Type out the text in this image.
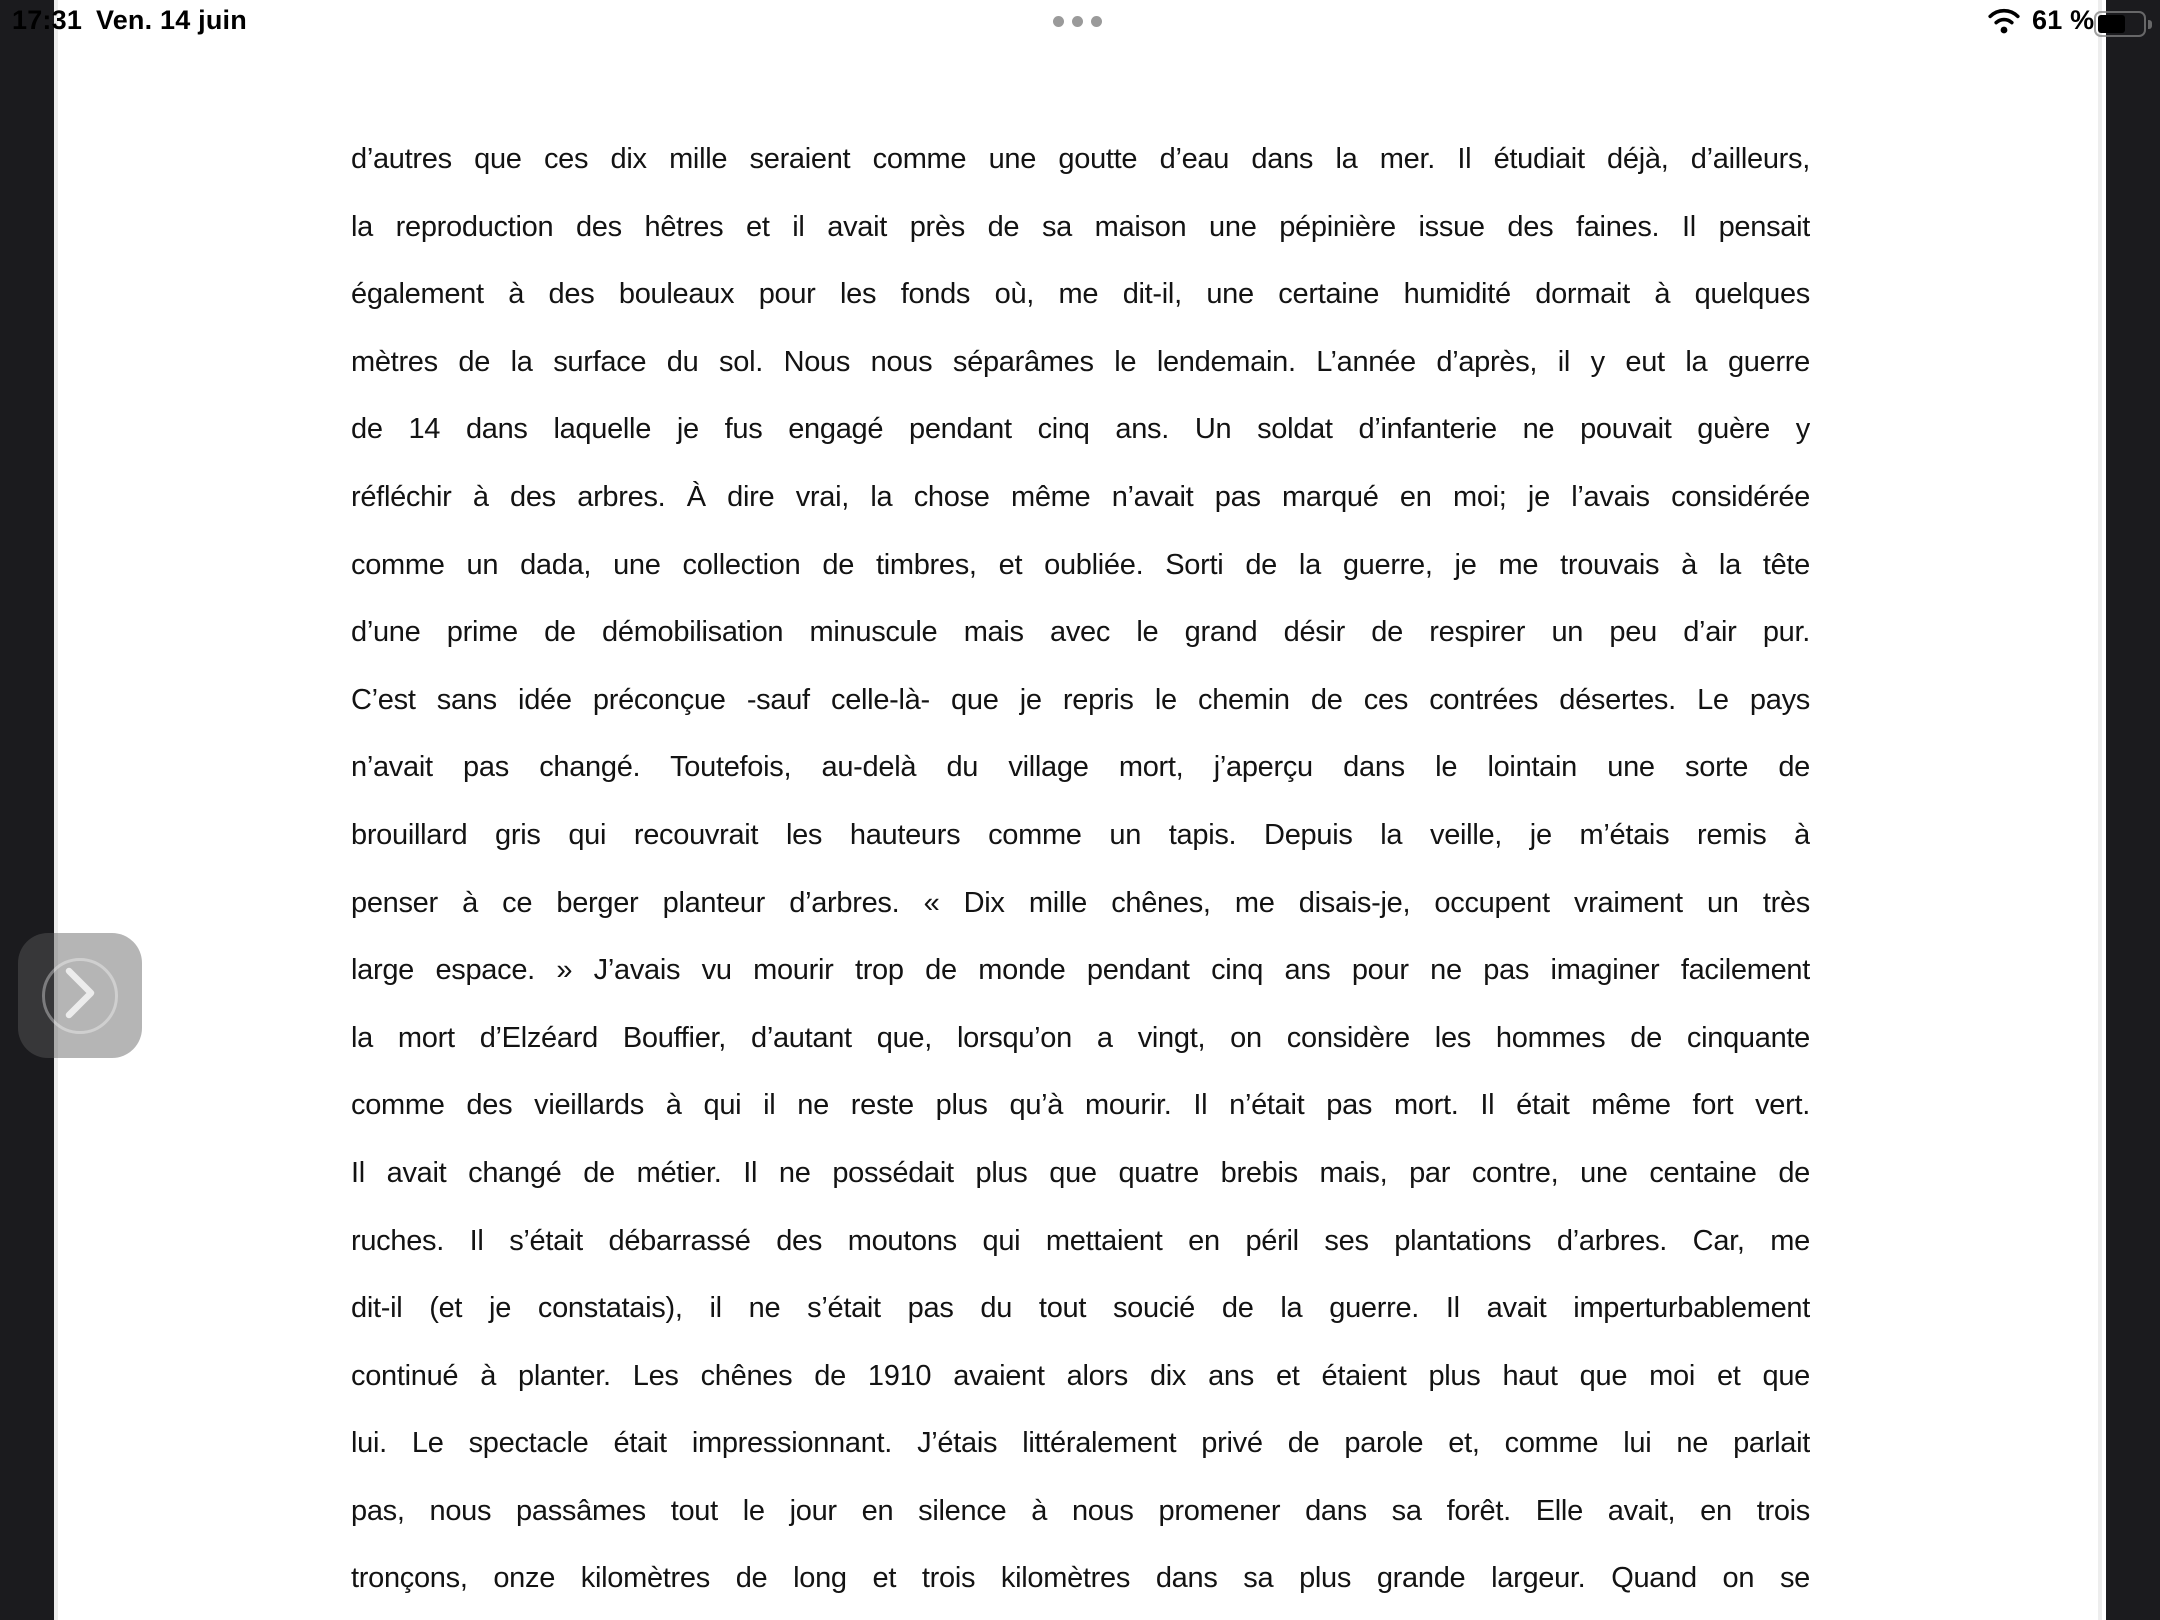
17:31 Ven. 14 juin	61 %
d’autres que ces dix mille seraient comme une goutte d’eau dans la mer. Il étudiait déjà, d’ailleurs,
la reproduction des hêtres et il avait près de sa maison une pépinière issue des faines. Il pensait
également à des bouleaux pour les fonds où, me dit-il, une certaine humidité dormait à quelques
mètres de la surface du sol. Nous nous séparâmes le lendemain. L’année d’après, il y eut la guerre
de 14 dans laquelle je fus engagé pendant cinq ans. Un soldat d’infanterie ne pouvait guère y
réfléchir à des arbres. À dire vrai, la chose même n’avait pas marqué en moi; je l’avais considérée
comme un dada, une collection de timbres, et oubliée. Sorti de la guerre, je me trouvais à la tête
d’une prime de démobilisation minuscule mais avec le grand désir de respirer un peu d’air pur.
C’est sans idée préconçue -sauf celle-là- que je repris le chemin de ces contrées désertes. Le pays
n’avait pas changé. Toutefois, au-delà du village mort, j’aperçu dans le lointain une sorte de
brouillard gris qui recouvrait les hauteurs comme un tapis. Depuis la veille, je m’étais remis à
penser à ce berger planteur d’arbres. « Dix mille chênes, me disais-je, occupent vraiment un très
large espace. » J’avais vu mourir trop de monde pendant cinq ans pour ne pas imaginer facilement
la mort d’Elzéard Bouffier, d’autant que, lorsqu’on a vingt, on considère les hommes de cinquante
comme des vieillards à qui il ne reste plus qu’à mourir. Il n’était pas mort. Il était même fort vert.
Il avait changé de métier. Il ne possédait plus que quatre brebis mais, par contre, une centaine de
ruches. Il s’était débarrassé des moutons qui mettaient en péril ses plantations d’arbres. Car, me
dit-il (et je constatais), il ne s’était pas du tout soucié de la guerre. Il avait imperturbablement
continué à planter. Les chênes de 1910 avaient alors dix ans et étaient plus haut que moi et que
lui. Le spectacle était impressionnant. J’étais littéralement privé de parole et, comme lui ne parlait
pas, nous passâmes tout le jour en silence à nous promener dans sa forêt. Elle avait, en trois
tronçons, onze kilomètres de long et trois kilomètres dans sa plus grande largeur. Quand on se
